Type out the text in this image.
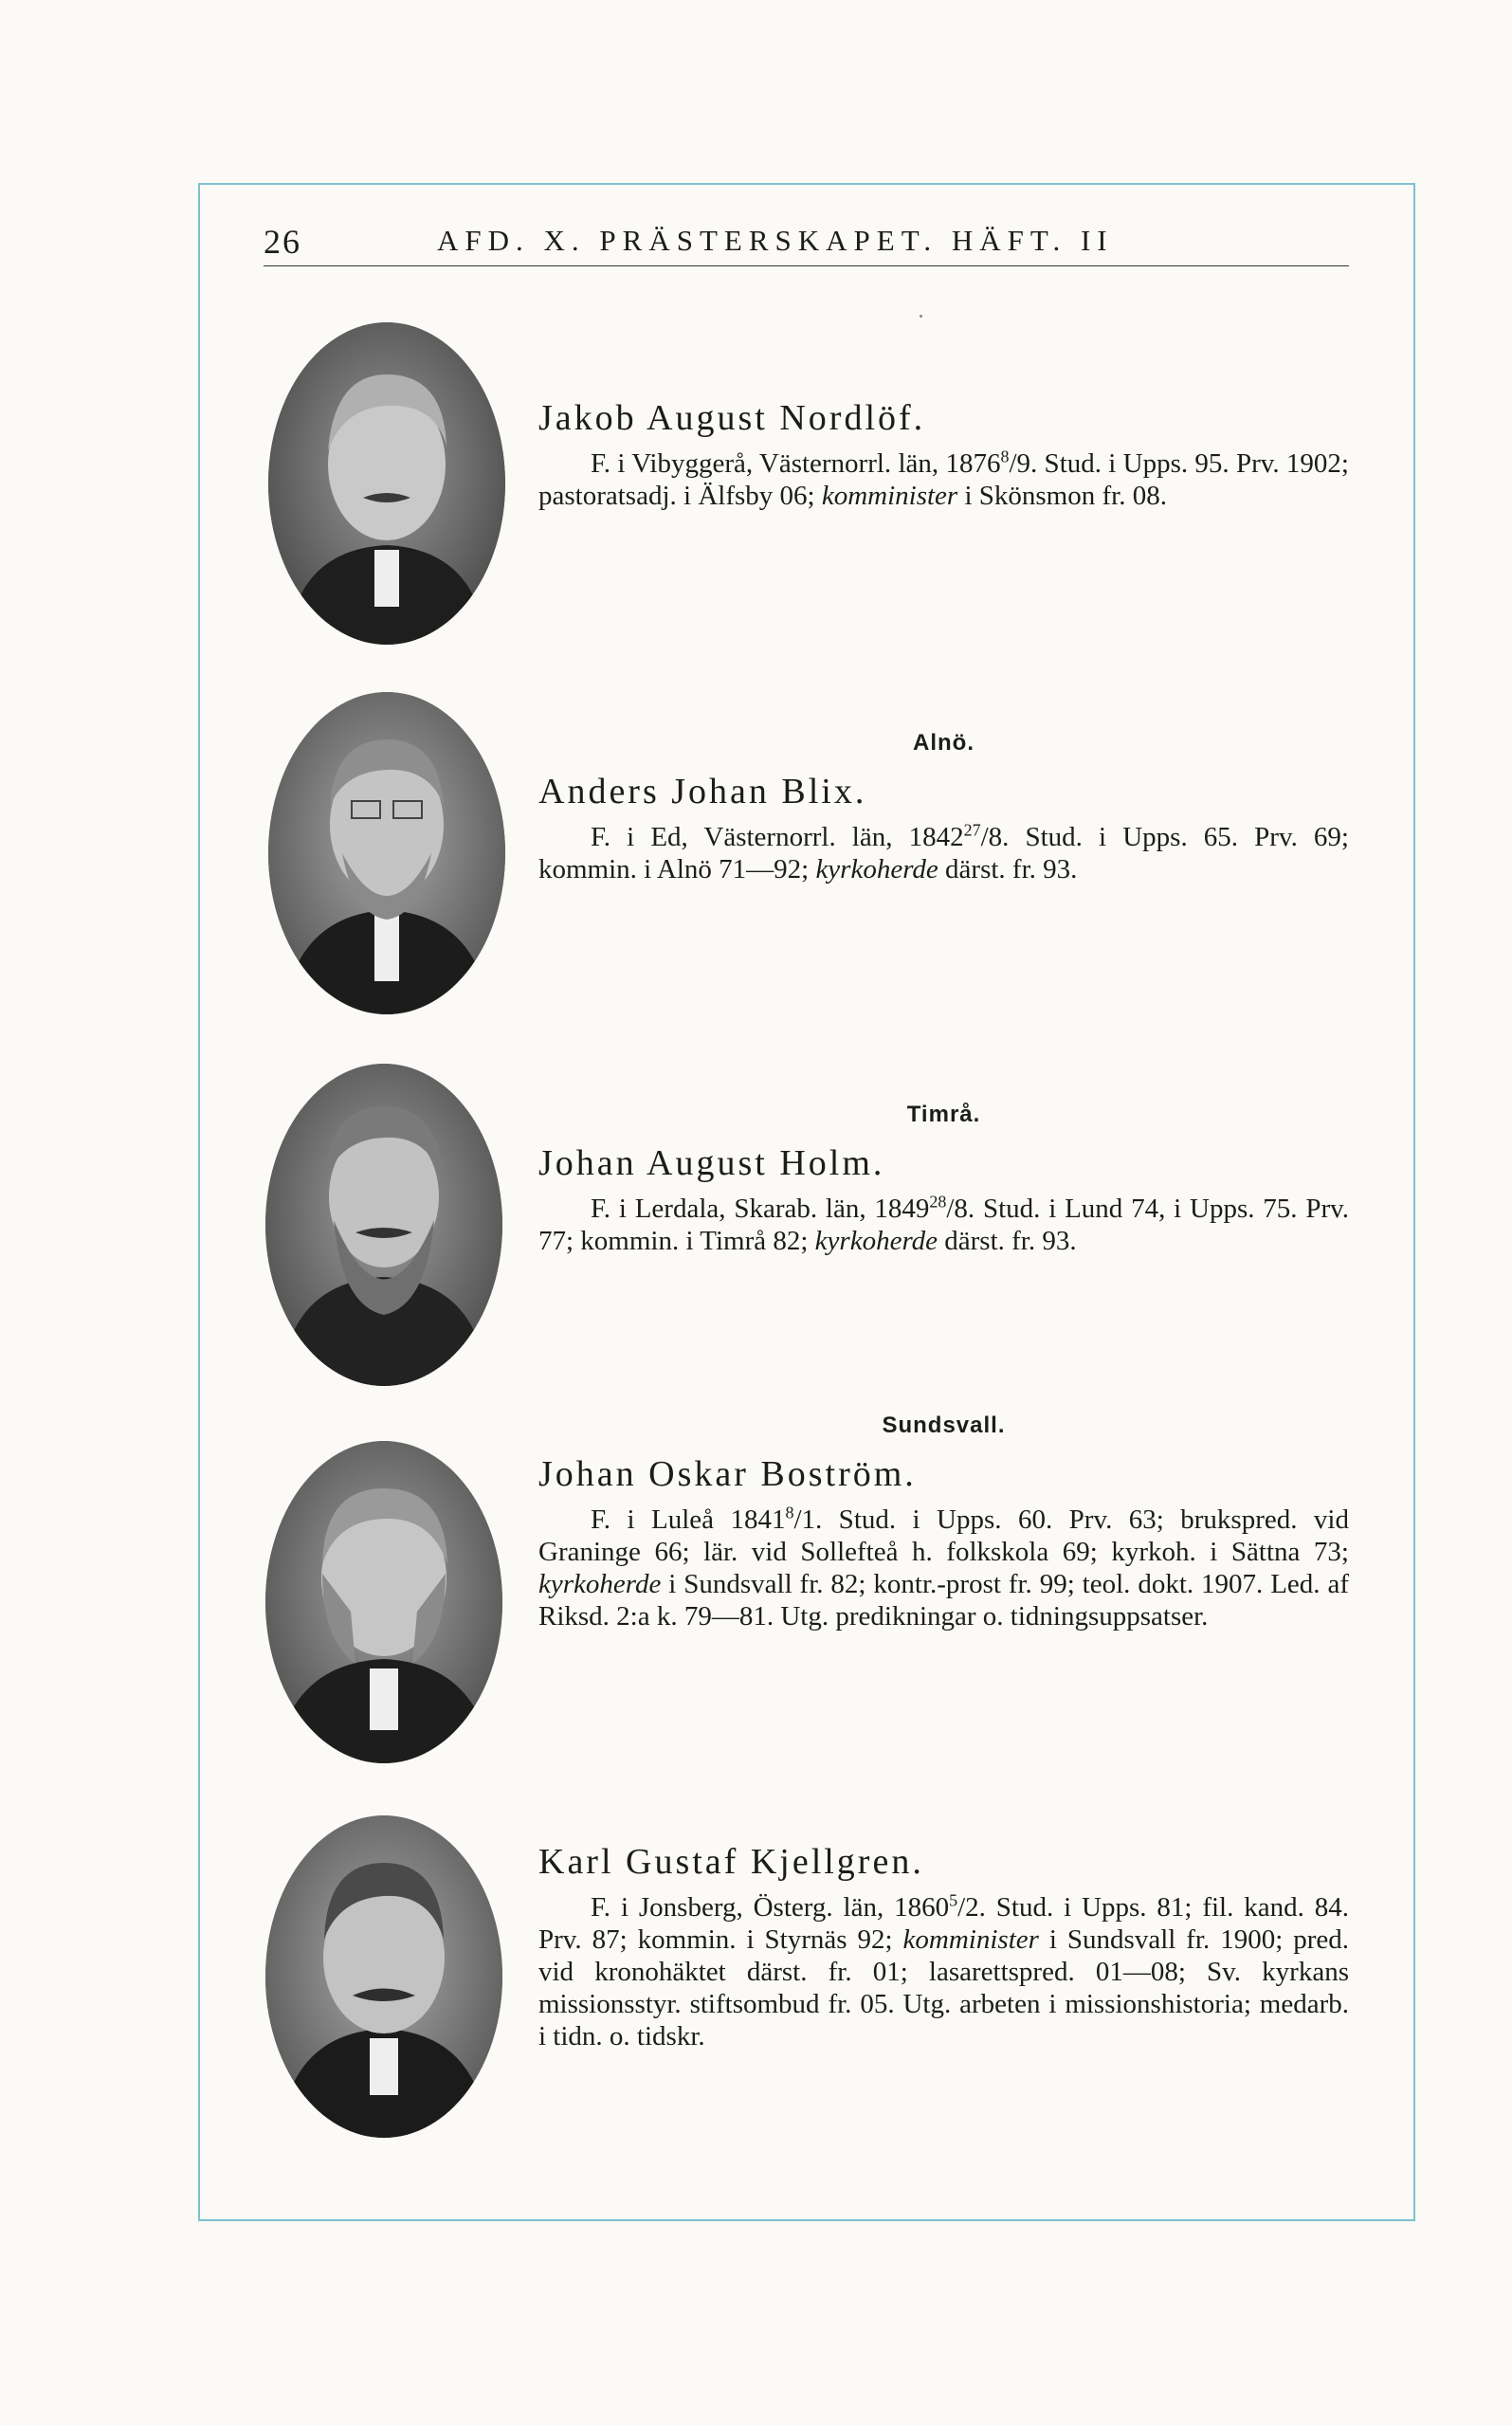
26	AFD. X. PRÄSTERSKAPET. HÄFT. II
Jakob August Nordlöf.
F. i Vibyggerå, Västernorrl. län, 1876$^8$/9. Stud. i Upps. 95. Prv. 1902; pastoratsadj. i Älfsby 06; komminister i Skönsmon fr. 08.
Alnö.
Anders Johan Blix.
F. i Ed, Västernorrl. län, 1842$^{27}$/8. Stud. i Upps. 65. Prv. 69; kommin. i Alnö 71—92; kyrkoherde därst. fr. 93.
Timrå.
Johan August Holm.
F. i Lerdala, Skarab. län, 1849$^{28}$/8. Stud. i Lund 74, i Upps. 75. Prv. 77; kommin. i Timrå 82; kyrkoherde därst. fr. 93.
Sundsvall.
Johan Oskar Boström.
F. i Luleå 1841$^8$/1. Stud. i Upps. 60. Prv. 63; brukspred. vid Graninge 66; lär. vid Sollefteå h. folkskola 69; kyrkoh. i Sättna 73; kyrkoherde i Sundsvall fr. 82; kontr.-prost fr. 99; teol. dokt. 1907. Led. af Riksd. 2:a k. 79—81. Utg. predikningar o. tidningsuppsatser.
Karl Gustaf Kjellgren.
F. i Jonsberg, Österg. län, 1860$^5$/2. Stud. i Upps. 81; fil. kand. 84. Prv. 87; kommin. i Styrnäs 92; komminister i Sundsvall fr. 1900; pred. vid kronohäktet därst. fr. 01; lasarettspred. 01—08; Sv. kyrkans missionsstyr. stiftsombud fr. 05. Utg. arbeten i missionshistoria; medarb. i tidn. o. tidskr.
